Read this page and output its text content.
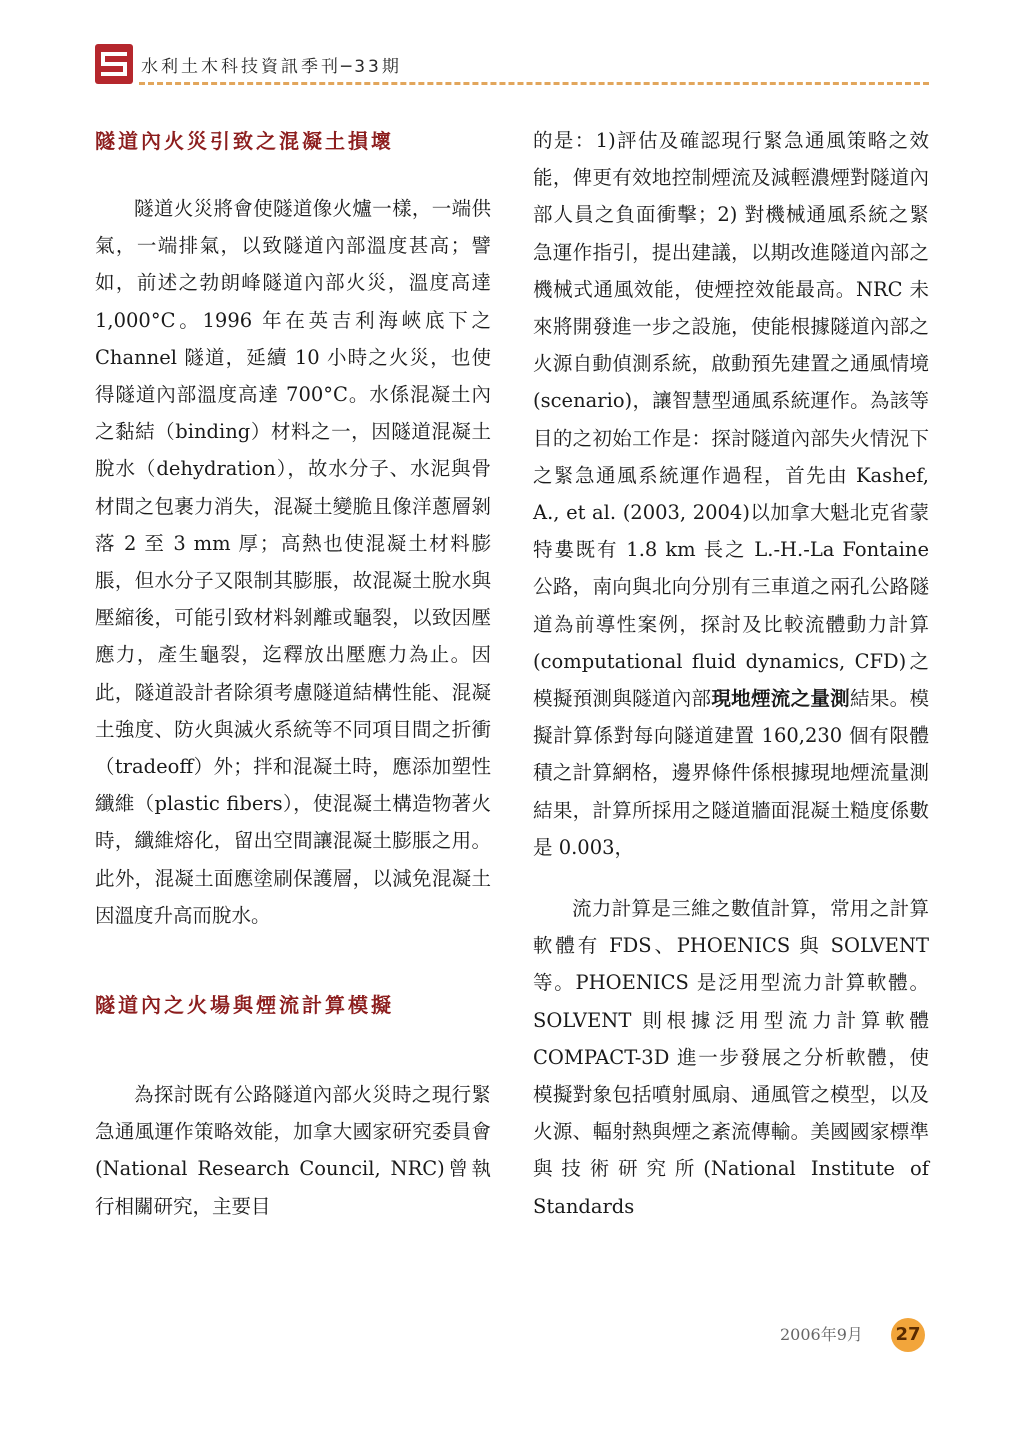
水利土木科技資訊季刊─33期
隧道內火災引致之混凝土損壞

隧道火災將會使隧道像火爐一樣，一端供氣，一端排氣，以致隧道內部溫度甚高；譬如，前述之勃朗峰隧道內部火災，溫度高達 1,000°C。1996 年在英吉利海峽底下之 Channel 隧道，延續 10 小時之火災，也使得隧道內部溫度高達 700°C。水係混凝土內之黏結（binding）材料之一，因隧道混凝土脫水（dehydration），故水分子、水泥與骨材間之包裹力消失，混凝土變脆且像洋蔥層剝落 2 至 3 mm 厚；高熱也使混凝土材料膨脹，但水分子又限制其膨脹，故混凝土脫水與壓縮後，可能引致材料剝離或龜裂，以致因壓應力，產生龜裂，迄釋放出壓應力為止。因此，隧道設計者除須考慮隧道結構性能、混凝土強度、防火與滅火系統等不同項目間之折衝（tradeoff）外；拌和混凝土時，應添加塑性纖維（plastic fibers），使混凝土構造物著火時，纖維熔化，留出空間讓混凝土膨脹之用。此外，混凝土面應塗刷保護層，以減免混凝土因溫度升高而脫水。

隧道內之火場與煙流計算模擬

為探討既有公路隧道內部火災時之現行緊急通風運作策略效能，加拿大國家研究委員會(National Research Council, NRC)曾執行相關研究，主要目

的是：1)評估及確認現行緊急通風策略之效能，俾更有效地控制煙流及減輕濃煙對隧道內部人員之負面衝擊；2) 對機械通風系統之緊急運作指引，提出建議，以期改進隧道內部之機械式通風效能，使煙控效能最高。NRC 未來將開發進一步之設施，使能根據隧道內部之火源自動偵測系統，啟動預先建置之通風情境(scenario)，讓智慧型通風系統運作。為該等目的之初始工作是：探討隧道內部失火情況下之緊急通風系統運作過程，首先由 Kashef, A., et al. (2003, 2004)以加拿大魁北克省蒙特婁既有 1.8 km 長之 L.-H.-La Fontaine 公路，南向與北向分別有三車道之兩孔公路隧道為前導性案例，探討及比較流體動力計算(computational fluid dynamics, CFD)之模擬預測與隧道內部現地煙流之量測結果。模擬計算係對每向隧道建置 160,230 個有限體積之計算網格，邊界條件係根據現地煙流量測結果，計算所採用之隧道牆面混凝土糙度係數是 0.003，

流力計算是三維之數值計算，常用之計算軟體有 FDS、PHOENICS 與 SOLVENT 等。PHOENICS 是泛用型流力計算軟體。SOLVENT 則根據泛用型流力計算軟體 COMPACT-3D 進一步發展之分析軟體，使模擬對象包括噴射風扇、通風管之模型，以及火源、輻射熱與煙之紊流傳輸。美國國家標準與技術研究所(National Institute of Standards

2006年9月 27
